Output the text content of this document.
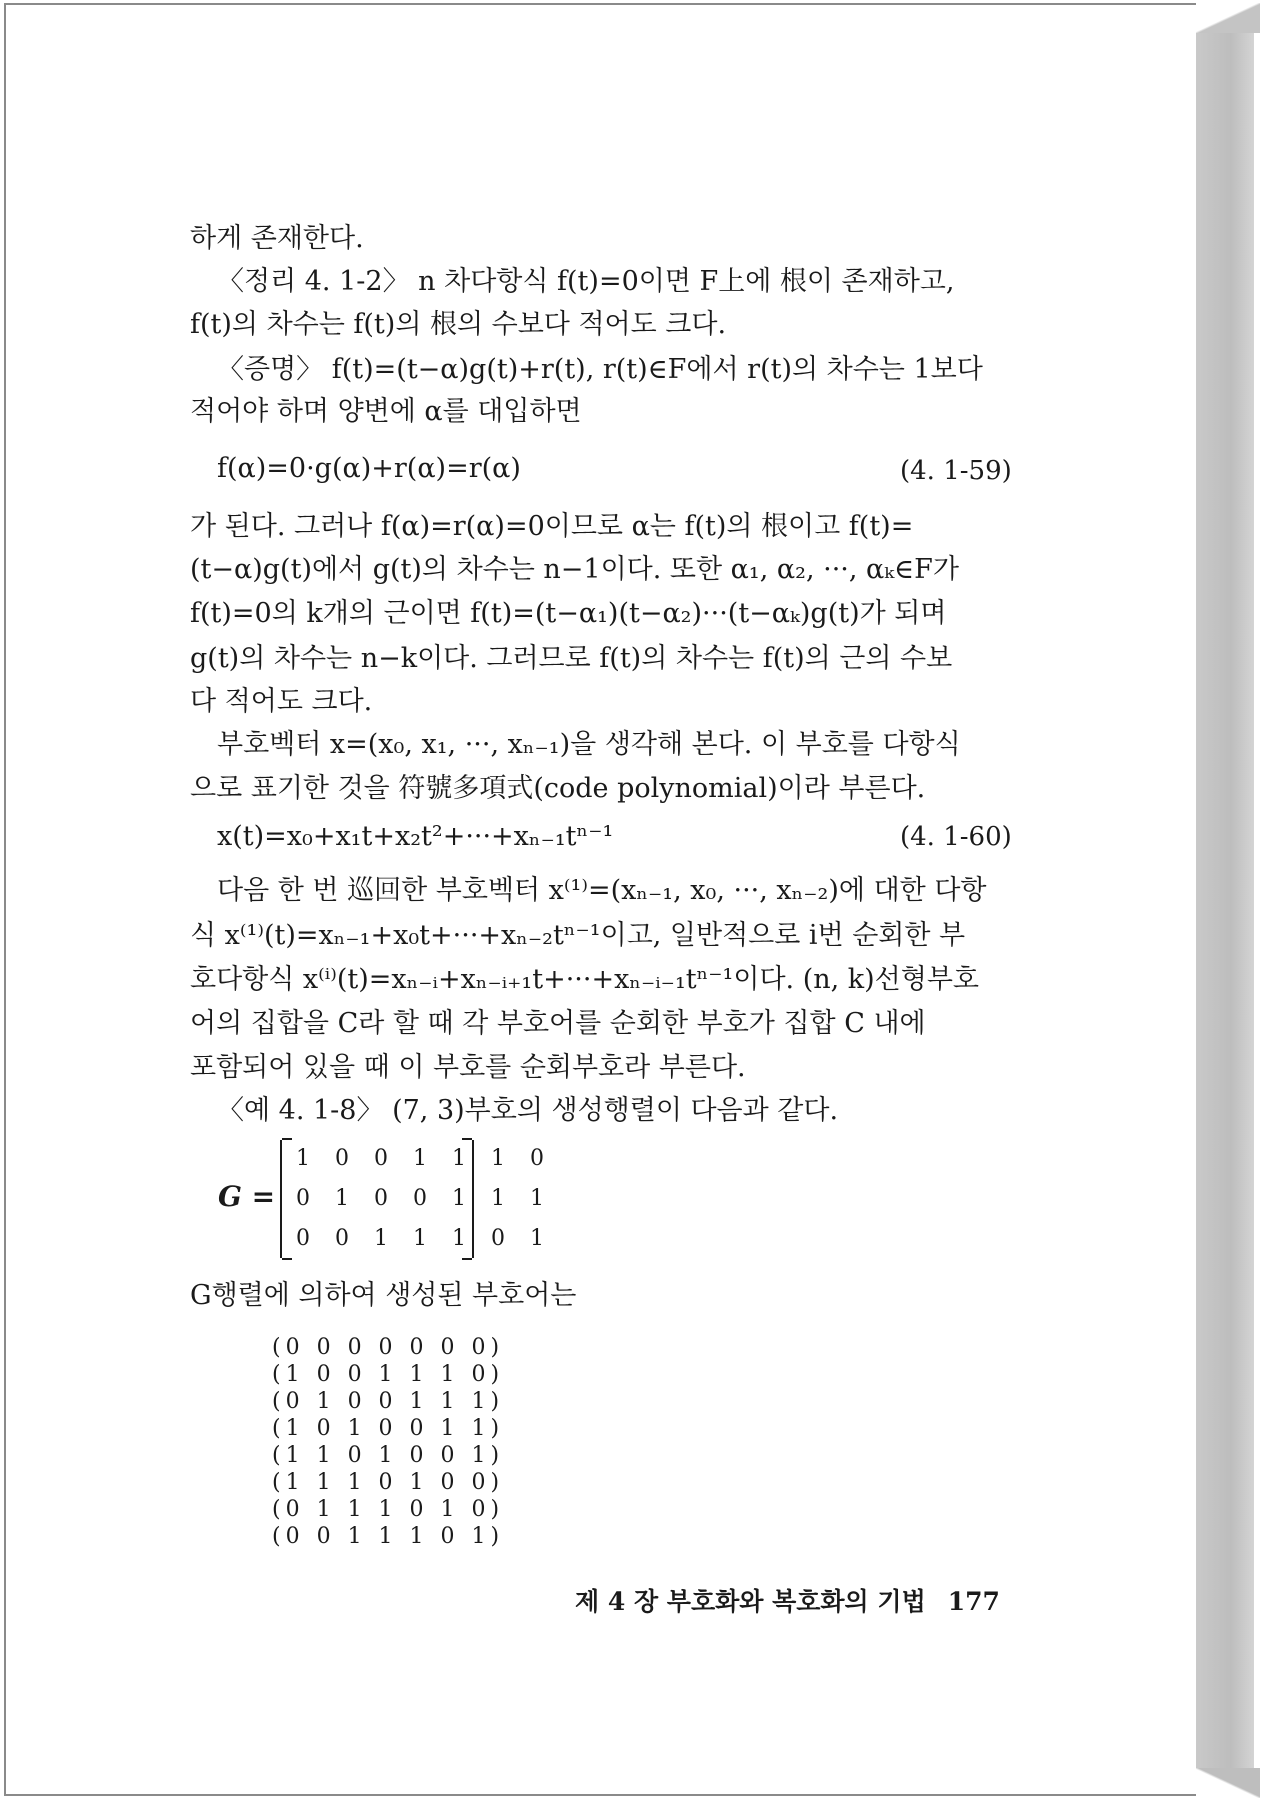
하게 존재한다.
〈정리 4. 1-2〉 n 차다항식 f(t)=0이면 F上에 根이 존재하고,
f(t)의 차수는 f(t)의 根의 수보다 적어도 크다.
〈증명〉 f(t)=(t−α)g(t)+r(t), r(t)∈F에서 r(t)의 차수는 1보다
적어야 하며 양변에 α를 대입하면
f(α)=0·g(α)+r(α)=r(α)	(4. 1-59)
가 된다. 그러나 f(α)=r(α)=0이므로 α는 f(t)의 根이고 f(t)=
(t−α)g(t)에서 g(t)의 차수는 n−1이다. 또한 α₁, α₂, ···, αₖ∈F가
f(t)=0의 k개의 근이면 f(t)=(t−α₁)(t−α₂)···(t−αₖ)g(t)가 되며
g(t)의 차수는 n−k이다. 그러므로 f(t)의 차수는 f(t)의 근의 수보
다 적어도 크다.
부호벡터 x=(x₀, x₁, ···, xₙ₋₁)을 생각해 본다. 이 부호를 다항식
으로 표기한 것을 符號多項式(code polynomial)이라 부른다.
x(t)=x₀+x₁t+x₂t²+···+xₙ₋₁tⁿ⁻¹	(4. 1-60)
다음 한 번 巡回한 부호벡터 x⁽¹⁾=(xₙ₋₁, x₀, ···, xₙ₋₂)에 대한 다항
식 x⁽¹⁾(t)=xₙ₋₁+x₀t+···+xₙ₋₂tⁿ⁻¹이고, 일반적으로 i번 순회한 부
호다항식 x⁽ⁱ⁾(t)=xₙ₋ᵢ+xₙ₋ᵢ₊₁t+···+xₙ₋ᵢ₋₁tⁿ⁻¹이다. (n, k)선형부호
어의 집합을 C라 할 때 각 부호어를 순회한 부호가 집합 C 내에
포함되어 있을 때 이 부호를 순회부호라 부른다.
〈예 4. 1-8〉 (7, 3)부호의 생성행렬이 다음과 같다.
G =
1 0 0 1 1 1 0
0 1 0 0 1 1 1
0 0 1 1 1 0 1
G행렬에 의하여 생성된 부호어는
(0 0 0 0 0 0 0)
(1 0 0 1 1 1 0)
(0 1 0 0 1 1 1)
(1 0 1 0 0 1 1)
(1 1 0 1 0 0 1)
(1 1 1 0 1 0 0)
(0 1 1 1 0 1 0)
(0 0 1 1 1 0 1)
제 4 장 부호화와 복호화의 기법 177
